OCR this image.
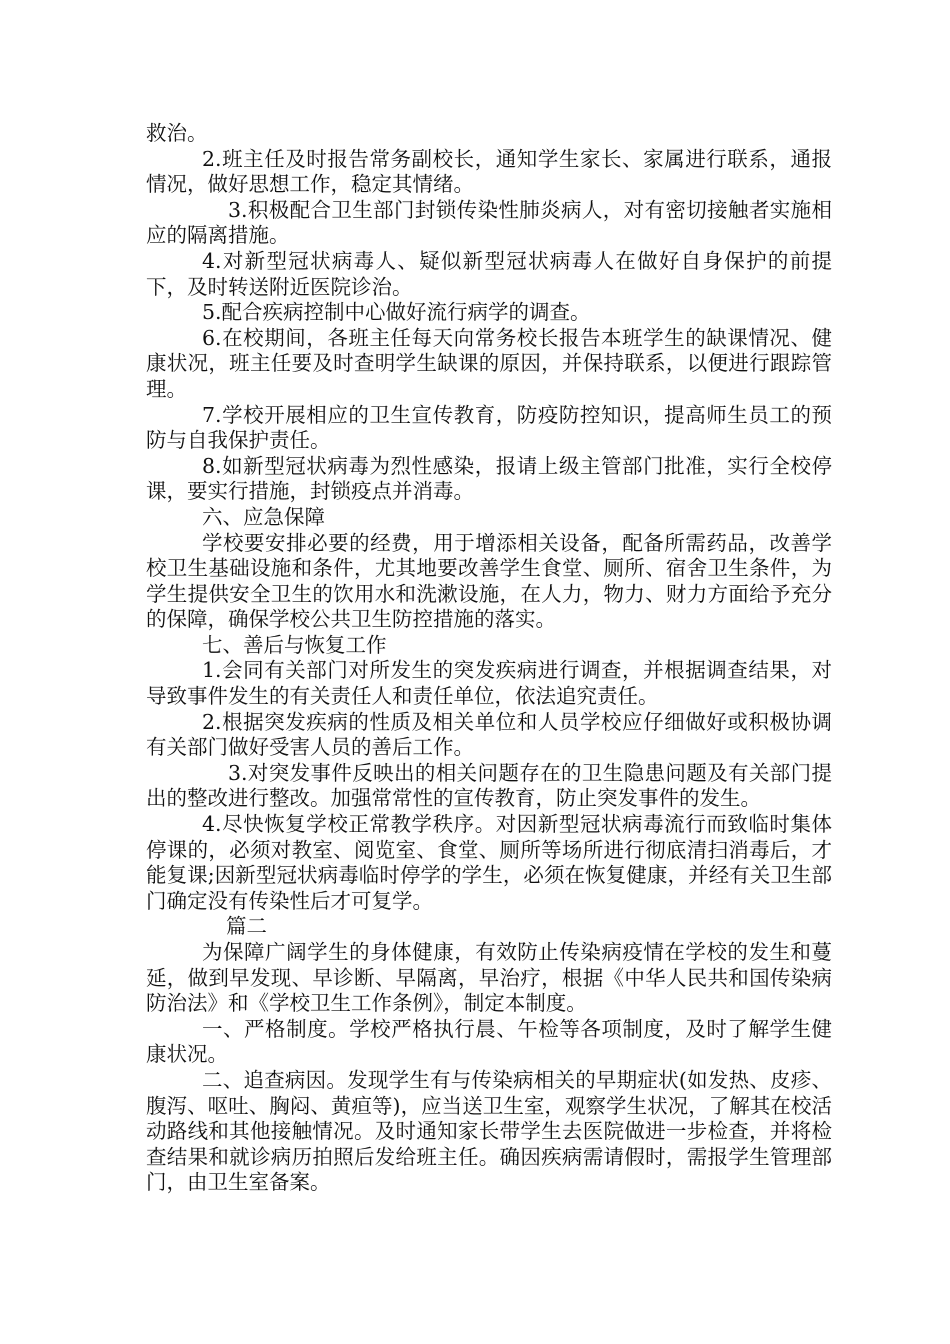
救治。

2.班主任及时报告常务副校长，通知学生家长、家属进行联系，通报情况，做好思想工作，稳定其情绪。

3.积极配合卫生部门封锁传染性肺炎病人，对有密切接触者实施相应的隔离措施。

4.对新型冠状病毒人、疑似新型冠状病毒人在做好自身保护的前提下，及时转送附近医院诊治。

5.配合疾病控制中心做好流行病学的调查。

6.在校期间，各班主任每天向常务校长报告本班学生的缺课情况、健康状况，班主任要及时查明学生缺课的原因，并保持联系，以便进行跟踪管理。

7.学校开展相应的卫生宣传教育，防疫防控知识，提高师生员工的预防与自我保护责任。

8.如新型冠状病毒为烈性感染，报请上级主管部门批准，实行全校停课，要实行措施，封锁疫点并消毒。

六、应急保障

学校要安排必要的经费，用于增添相关设备，配备所需药品，改善学校卫生基础设施和条件，尤其地要改善学生食堂、厕所、宿舍卫生条件，为学生提供安全卫生的饮用水和洗漱设施，在人力，物力、财力方面给予充分的保障，确保学校公共卫生防控措施的落实。

七、善后与恢复工作

1.会同有关部门对所发生的突发疾病进行调查，并根据调查结果，对导致事件发生的有关责任人和责任单位，依法追究责任。

2.根据突发疾病的性质及相关单位和人员学校应仔细做好或积极协调有关部门做好受害人员的善后工作。

3.对突发事件反映出的相关问题存在的卫生隐患问题及有关部门提出的整改进行整改。加强常常性的宣传教育，防止突发事件的发生。

4.尽快恢复学校正常教学秩序。对因新型冠状病毒流行而致临时集体停课的，必须对教室、阅览室、食堂、厕所等场所进行彻底清扫消毒后，才能复课;因新型冠状病毒临时停学的学生，必须在恢复健康，并经有关卫生部门确定没有传染性后才可复学。

篇二

为保障广阔学生的身体健康，有效防止传染病疫情在学校的发生和蔓延，做到早发现、早诊断、早隔离，早治疗，根据《中华人民共和国传染病防治法》和《学校卫生工作条例》，制定本制度。

一、严格制度。学校严格执行晨、午检等各项制度，及时了解学生健康状况。

二、追查病因。发现学生有与传染病相关的早期症状(如发热、皮疹、腹泻、呕吐、胸闷、黄疸等)，应当送卫生室，观察学生状况，了解其在校活动路线和其他接触情况。及时通知家长带学生去医院做进一步检查，并将检查结果和就诊病历拍照后发给班主任。确因疾病需请假时，需报学生管理部门，由卫生室备案。
